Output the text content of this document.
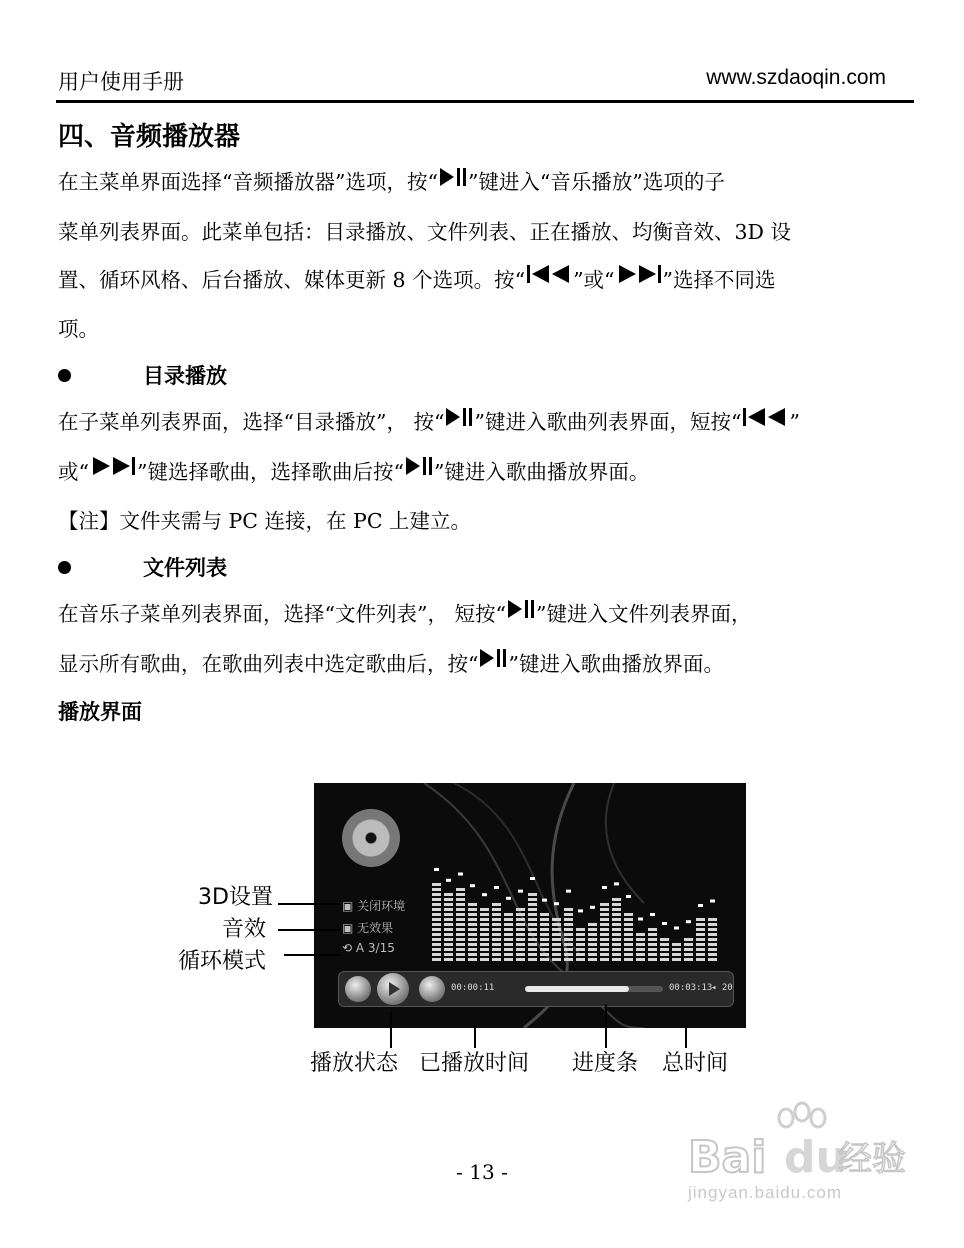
用户使用手册	www.szdaoqin.com
四、音频播放器
在主菜单界面选择“音频播放器”选项，按“ ”键进入“音乐播放”选项的子
菜单列表界面。此菜单包括：目录播放、文件列表、正在播放、均衡音效、3D 设
置、循环风格、后台播放、媒体更新 8 个选项。按“ ”或“ ”选择不同选
项。
目录播放
在子菜单列表界面，选择“目录播放”， 按“ ”键进入歌曲列表界面，短按“ ”
或“ ”键选择歌曲，选择歌曲后按“ ”键进入歌曲播放界面。
【注】文件夹需与 PC 连接，在 PC 上建立。
文件列表
在音乐子菜单列表界面，选择“文件列表”， 短按“ ”键进入文件列表界面，
显示所有歌曲，在歌曲列表中选定歌曲后，按“ ”键进入歌曲播放界面。
播放界面
▣ 关闭环境
▣ 无效果
⟲ A 3/15
00:00:11	00:03:13
◂ 20
3D设置
音效
循环模式
播放状态 已播放时间 进度条 总时间
- 13 -	Bai du
经验
jingyan.baidu.com
